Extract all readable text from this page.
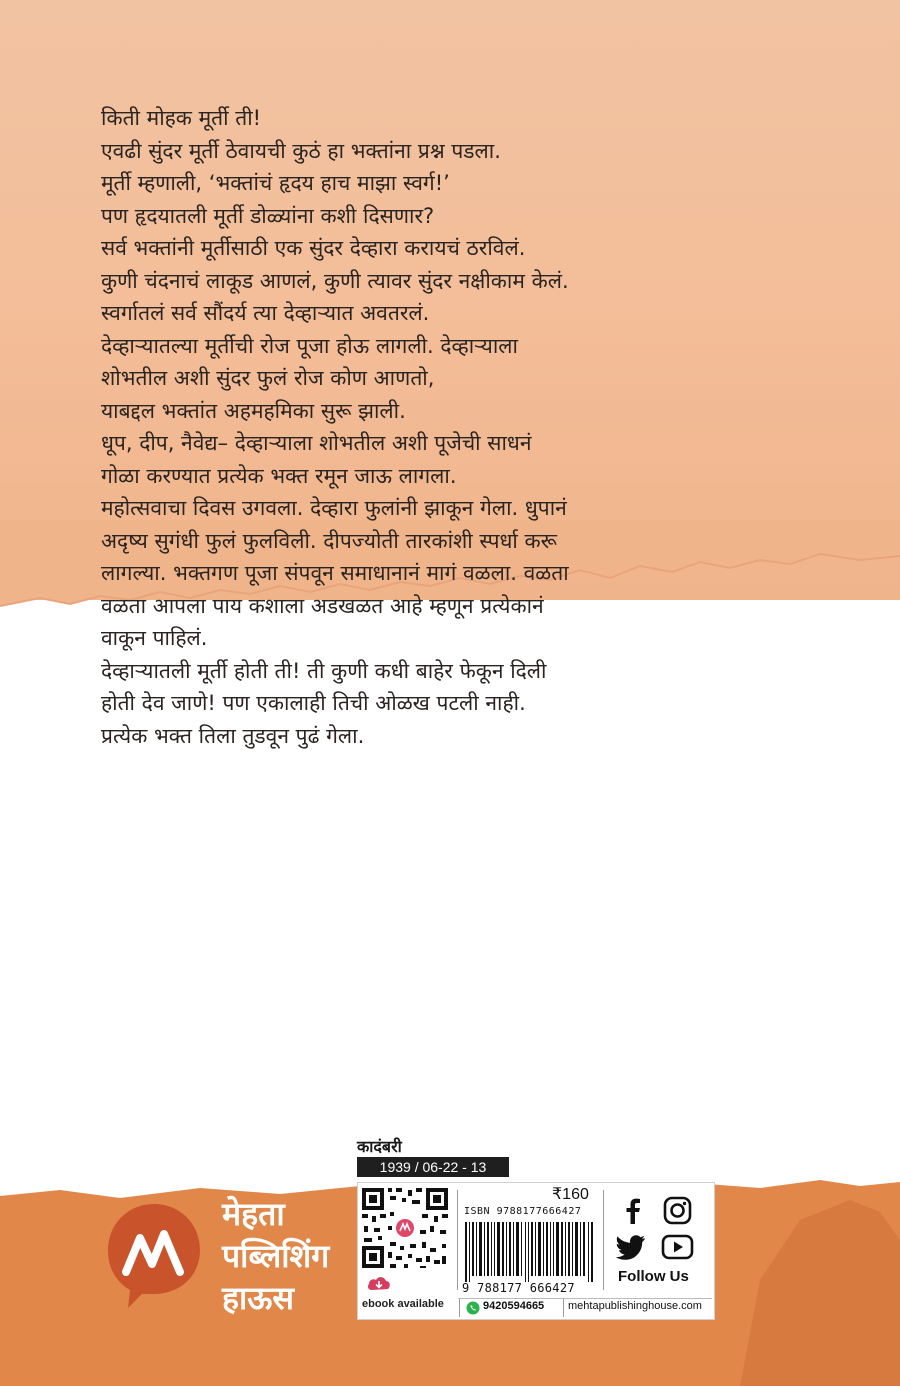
किती मोहक मूर्ती ती!
एवढी सुंदर मूर्ती ठेवायची कुठं हा भक्तांना प्रश्न पडला.
मूर्ती म्हणाली, ‘भक्तांचं हृदय हाच माझा स्वर्ग!’
पण हृदयातली मूर्ती डोळ्यांना कशी दिसणार?
सर्व भक्तांनी मूर्तीसाठी एक सुंदर देव्हारा करायचं ठरविलं.
कुणी चंदनाचं लाकूड आणलं, कुणी त्यावर सुंदर नक्षीकाम केलं.
स्वर्गातलं सर्व सौंदर्य त्या देव्हाऱ्यात अवतरलं.
देव्हाऱ्यातल्या मूर्तीची रोज पूजा होऊ लागली. देव्हाऱ्याला
शोभतील अशी सुंदर फुलं रोज कोण आणतो,
याबद्दल भक्तांत अहमहमिका सुरू झाली.
धूप, दीप, नैवेद्य– देव्हाऱ्याला शोभतील अशी पूजेची साधनं
गोळा करण्यात प्रत्येक भक्त रमून जाऊ लागला.
महोत्सवाचा दिवस उगवला. देव्हारा फुलांनी झाकून गेला. धुपानं
अदृष्य सुगंधी फुलं फुलविली. दीपज्योती तारकांशी स्पर्धा करू
लागल्या. भक्तगण पूजा संपवून समाधानानं मागं वळला. वळता
वळता आपला पाय कशाला अडखळत आहे म्हणून प्रत्येकानं
वाकून पाहिलं.
देव्हाऱ्यातली मूर्ती होती ती! ती कुणी कधी बाहेर फेकून दिली
होती देव जाणे! पण एकालाही तिची ओळख पटली नाही.
प्रत्येक भक्त तिला तुडवून पुढं गेला.
कादंबरी
1939 / 06-22 - 13
मेहता
पब्लिशिंग
हाऊस	ebook available
₹160
ISBN 9788177666427
9 788177 666427
Follow Us
9420594665 mehtapublishinghouse.com
